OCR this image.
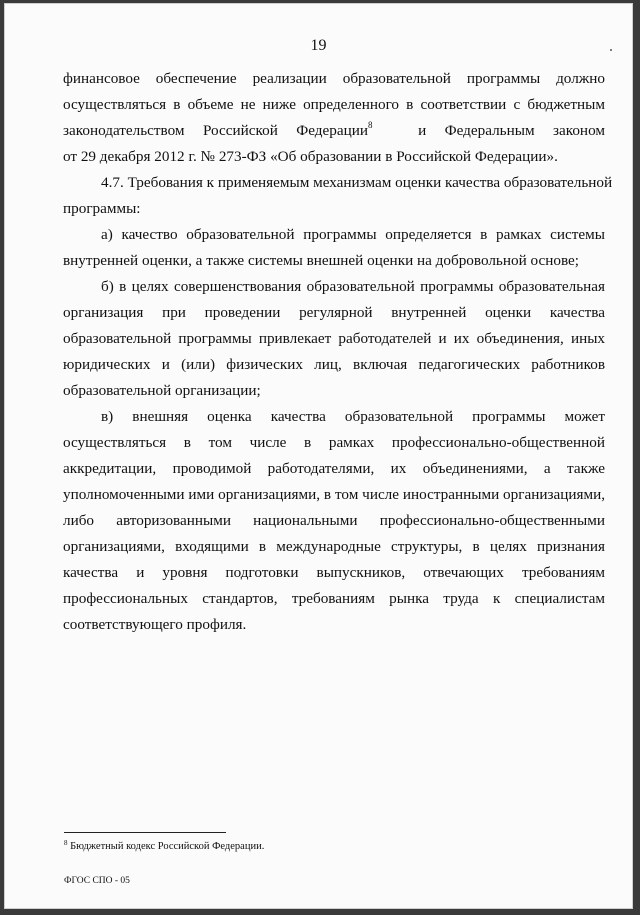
19

финансовое обеспечение реализации образовательной программы должно
осуществляться в объеме не ниже определенного в соответствии с бюджетным
законодательством Российской Федерации$^8$      	и Федеральным законом
от 29 декабря 2012 г. № 273-ФЗ «Об образовании в Российской Федерации».

4.7. Требования к применяемым механизмам оценки качества образовательной
программы:

а) качество образовательной программы определяется в рамках системы
внутренней оценки, а также системы внешней оценки на добровольной основе;

б) в целях совершенствования образовательной программы образовательная
организация при проведении регулярной внутренней оценки качества
образовательной программы привлекает работодателей и их объединения, иных
юридических и (или) физических лиц, включая педагогических работников
образовательной организации;

в) внешняя оценка качества образовательной программы может
осуществляться в том числе в рамках профессионально-общественной
аккредитации, проводимой работодателями, их объединениями, а также
уполномоченными ими организациями, в том числе иностранными организациями,
либо авторизованными национальными профессионально-общественными
организациями, входящими в международные структуры, в целях признания
качества и уровня подготовки выпускников, отвечающих требованиям
профессиональных стандартов, требованиям рынка труда к специалистам
соответствующего профиля.

$^8$ Бюджетный кодекс Российской Федерации.
ФГОС СПО - 05
